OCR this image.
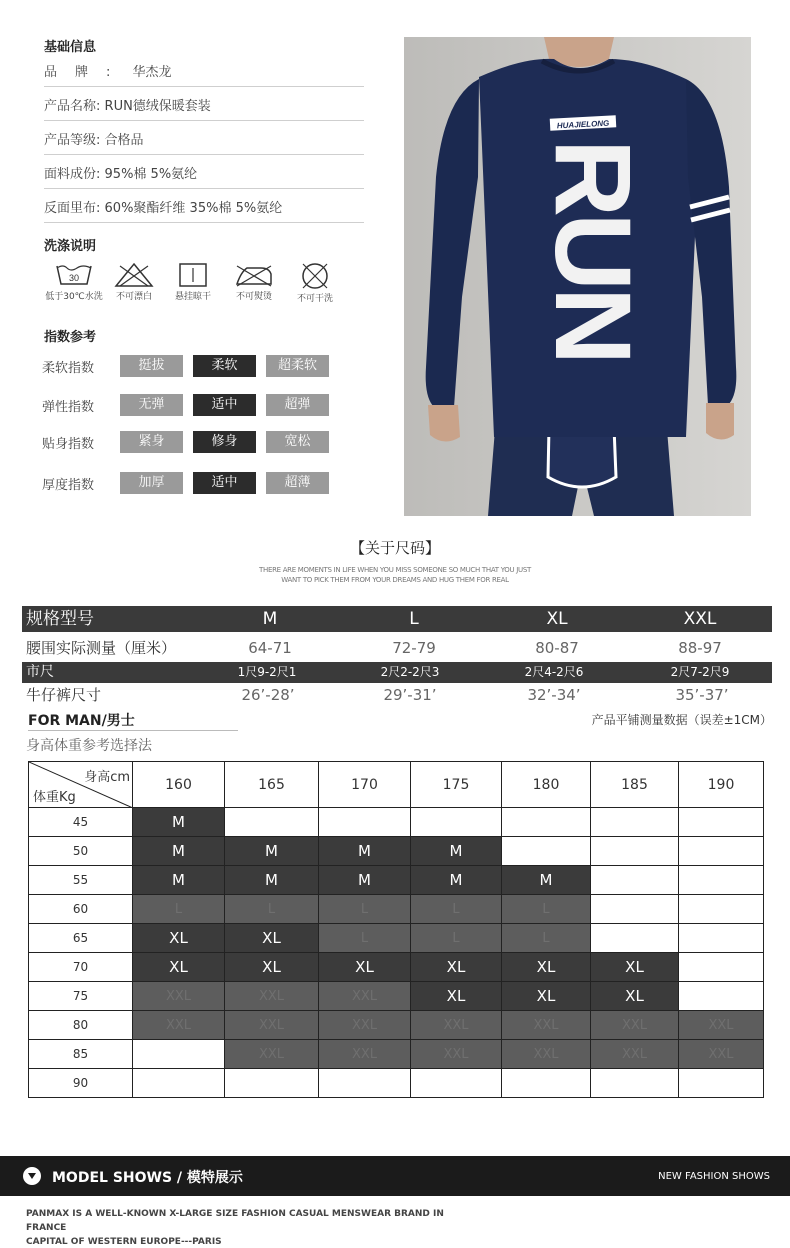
基础信息
品牌: 华杰龙
产品名称: RUN德绒保暖套装
产品等级: 合格品
面料成份: 95%棉 5%氨纶
反面里布: 60%聚酯纤维 35%棉 5%氨纶
洗涤说明
30
低于30℃水洗	不可漂白	悬挂晾干	不可熨烫	不可干洗
指数参考
柔软指数	挺拔	柔软	超柔软
弹性指数	无弹	适中	超弹
贴身指数	紧身	修身	宽松
厚度指数	加厚	适中	超薄
HUAJIELONG
RUN
【关于尺码】
THERE ARE MOMENTS IN LIFE WHEN YOU MISS SOMEONE SO MUCH THAT YOU JUST
WANT TO PICK THEM FROM YOUR DREAMS AND HUG THEM FOR REAL
规格型号	M	L	XL	XXL
腰围实际测量（厘米）	64-71	72-79	80-87	88-97
市尺	1尺9-2尺1	2尺2-2尺3	2尺4-2尺6	2尺7-2尺9
牛仔裤尺寸	26’-28’	29’-31’	32’-34’	35’-37’
FOR MAN/男士	产品平铺测量数据（误差±1CM）
身高体重参考选择法
身高cm
体重Kg	160	165	170	175	180	185	190
45	M						
50	M	M	M	M			
55	M	M	M	M	M		
60	L	L	L	L	L		
65	XL	XL	L	L	L		
70	XL	XL	XL	XL	XL	XL	
75	XXL	XXL	XXL	XL	XL	XL	
80	XXL	XXL	XXL	XXL	XXL	XXL	XXL
85		XXL	XXL	XXL	XXL	XXL	XXL
90							
MODEL SHOWS / 模特展示	NEW FASHION SHOWS
PANMAX IS A WELL-KNOWN X-LARGE SIZE FASHION CASUAL MENSWEAR BRAND IN FRANCE
CAPITAL OF WESTERN EUROPE---PARIS
